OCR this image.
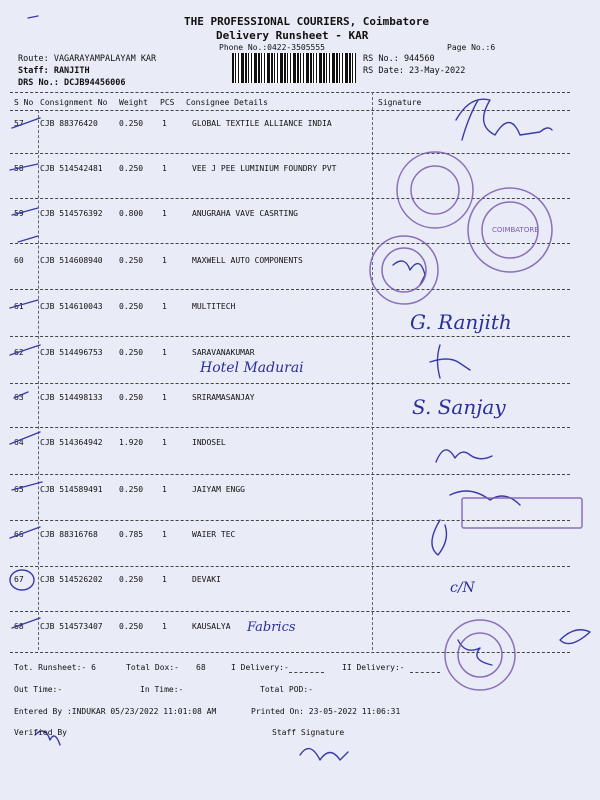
THE PROFESSIONAL COURIERS, Coimbatore
Delivery Runsheet - KAR
Phone No.:0422-3505555	Page No.:6
Route: VAGARAYAMPALAYAM KAR
Staff: RANJITH
DRS No.: DCJB94456006
RS No.: 944560
RS Date: 23-May-2022
S No Consignment No Weight PCS Consignee Details	Signature
57 CJB 88376420	0.250 1	GLOBAL TEXTILE ALLIANCE INDIA
58 CJB 514542481 0.250 1	VEE J PEE LUMINIUM FOUNDRY PVT
59 CJB 514576392 0.800 1	ANUGRAHA VAVE CASRTING
60 CJB 514608940 0.250 1	MAXWELL AUTO COMPONENTS
61 CJB 514610043 0.250 1	MULTITECH
62 CJB 514496753 0.250 1	SARAVANAKUMAR
63 CJB 514498133 0.250 1	SRIRAMASANJAY
64 CJB 514364942 1.920 1	INDOSEL
65 CJB 514589491 0.250 1	JAIYAM ENGG
66 CJB 88316768	0.785 1	WAIER TEC
67 CJB 514526202 0.250 1	DEVAKI
68 CJB 514573407 0.250 1	KAUSALYA
Hotel Madurai
G. Ranjith
S. Sanjay
c/N
Fabrics
COIMBATORE
Tot. Runsheet:- 6	Total Dox:- 68	I Delivery:-	II Delivery:-
Out Time:-	In Time:-	Total POD:-
Entered By :INDUKAR 05/23/2022 11:01:08 AM	Printed On: 23-05-2022 11:06:31
Verified By	Staff Signature
